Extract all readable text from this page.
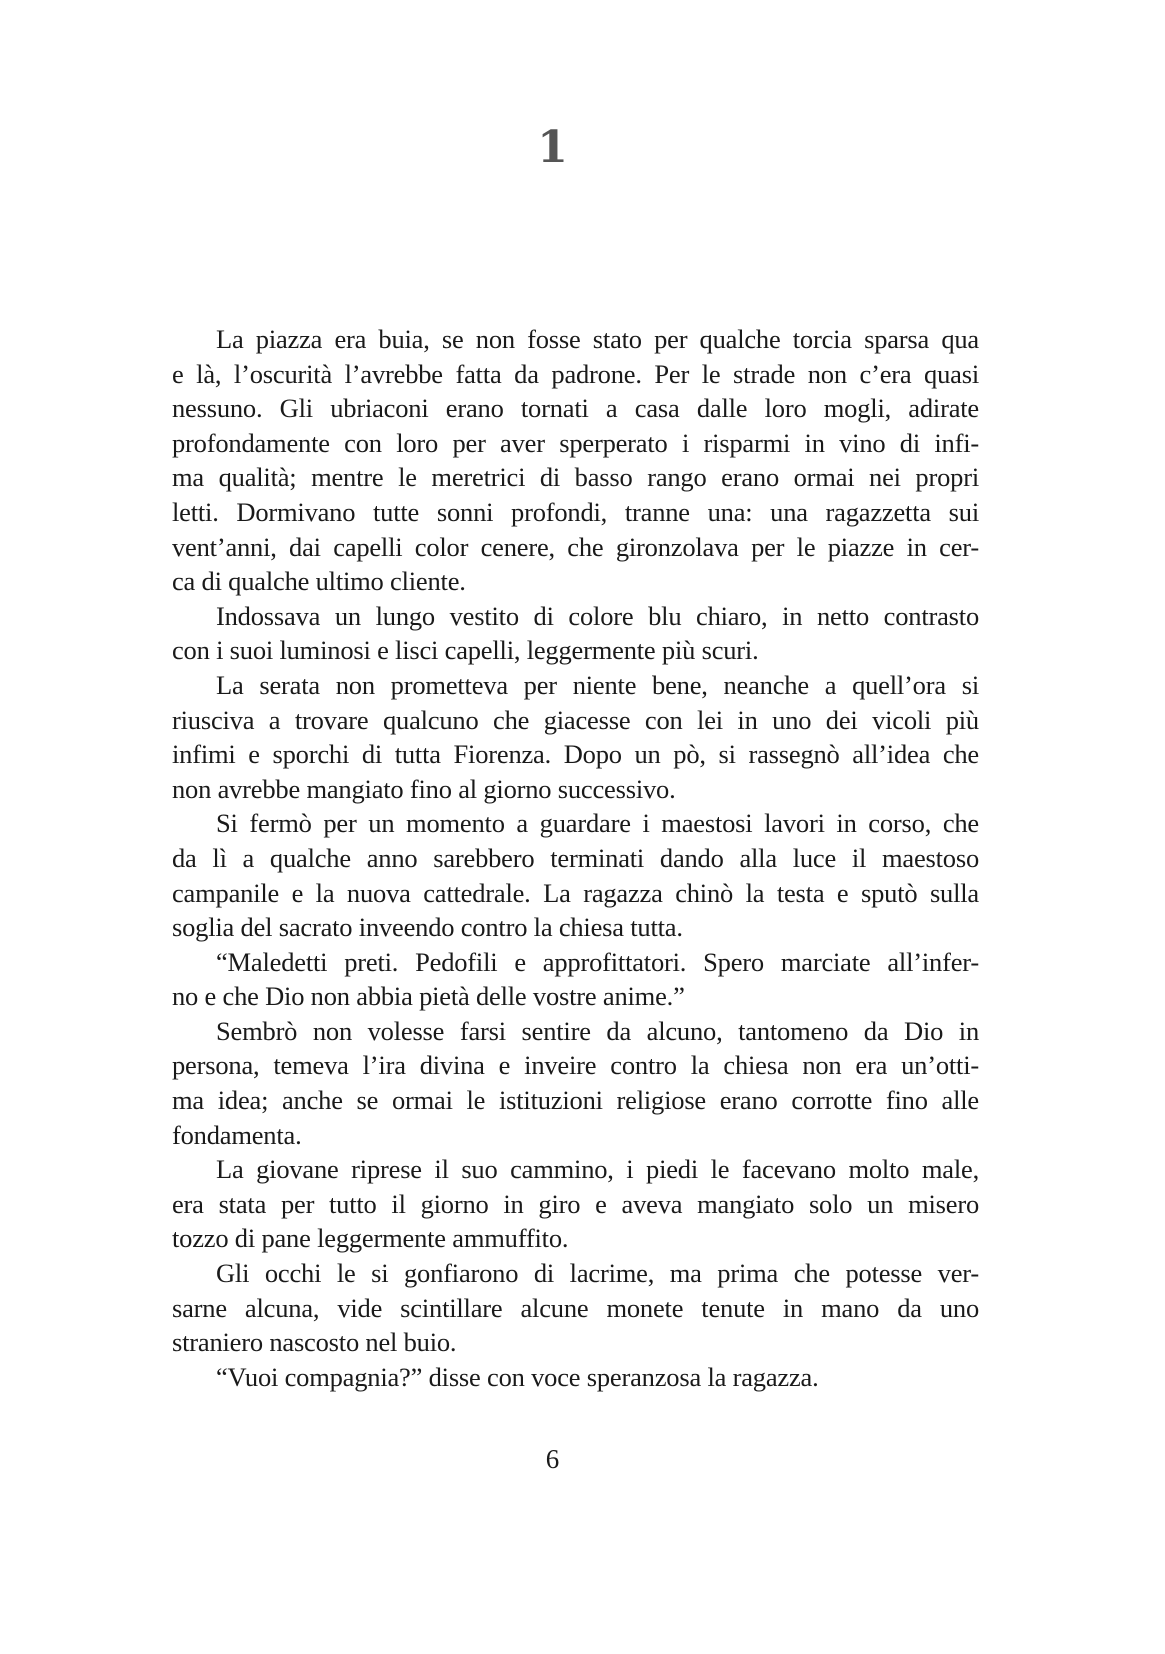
1

La piazza era buia, se non fosse stato per qualche torcia sparsa qua
e là, l’oscurità l’avrebbe fatta da padrone. Per le strade non c’era quasi
nessuno. Gli ubriaconi erano tornati a casa dalle loro mogli, adirate
profondamente con loro per aver sperperato i risparmi in vino di infi-
ma qualità; mentre le meretrici di basso rango erano ormai nei propri
letti. Dormivano tutte sonni profondi, tranne una: una ragazzetta sui
vent’anni, dai capelli color cenere, che gironzolava per le piazze in cer-
ca di qualche ultimo cliente.

Indossava un lungo vestito di colore blu chiaro, in netto contrasto
con i suoi luminosi e lisci capelli, leggermente più scuri.

La serata non prometteva per niente bene, neanche a quell’ora si
riusciva a trovare qualcuno che giacesse con lei in uno dei vicoli più
infimi e sporchi di tutta Fiorenza. Dopo un pò, si rassegnò all’idea che
non avrebbe mangiato fino al giorno successivo.

Si fermò per un momento a guardare i maestosi lavori in corso, che
da lì a qualche anno sarebbero terminati dando alla luce il maestoso
campanile e la nuova cattedrale. La ragazza chinò la testa e sputò sulla
soglia del sacrato inveendo contro la chiesa tutta.

“Maledetti preti. Pedofili e approfittatori. Spero marciate all’infer-
no e che Dio non abbia pietà delle vostre anime.”

Sembrò non volesse farsi sentire da alcuno, tantomeno da Dio in
persona, temeva l’ira divina e inveire contro la chiesa non era un’otti-
ma idea; anche se ormai le istituzioni religiose erano corrotte fino alle
fondamenta.

La giovane riprese il suo cammino, i piedi le facevano molto male,
era stata per tutto il giorno in giro e aveva mangiato solo un misero
tozzo di pane leggermente ammuffito.

Gli occhi le si gonfiarono di lacrime, ma prima che potesse ver-
sarne alcuna, vide scintillare alcune monete tenute in mano da uno
straniero nascosto nel buio.

“Vuoi compagnia?” disse con voce speranzosa la ragazza.

6
